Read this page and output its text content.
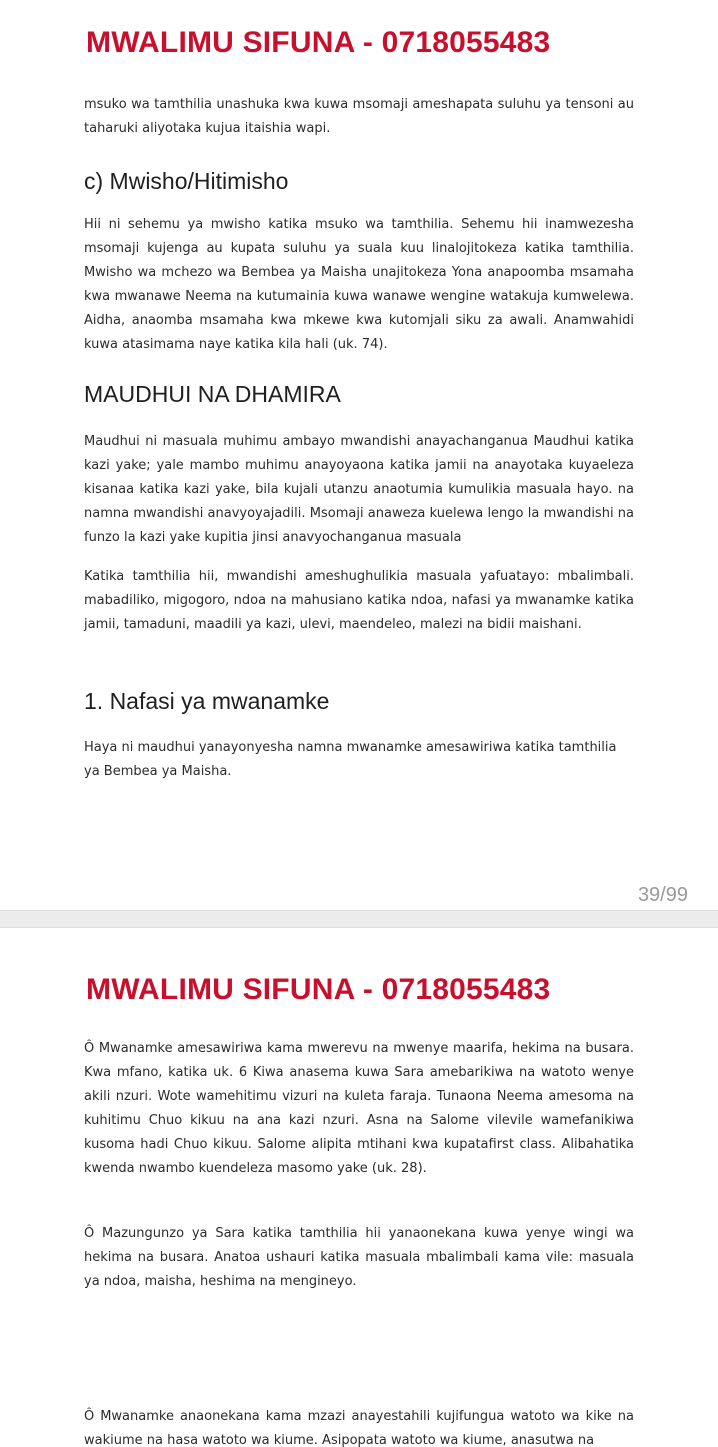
MWALIMU SIFUNA - 0718055483
msuko wa tamthilia unashuka kwa kuwa msomaji ameshapata suluhu ya tensoni au taharuki aliyotaka kujua itaishia wapi.
c) Mwisho/Hitimisho
Hii ni sehemu ya mwisho katika msuko wa tamthilia. Sehemu hii inamwezesha msomaji kujenga au kupata suluhu ya suala kuu linalojitokeza katika tamthilia. Mwisho wa mchezo wa Bembea ya Maisha unajitokeza Yona anapoomba msamaha kwa mwanawe Neema na kutumainia kuwa wanawe wengine watakuja kumwelewa. Aidha, anaomba msamaha kwa mkewe kwa kutomjali siku za awali. Anamwahidi kuwa atasimama naye katika kila hali (uk. 74).
MAUDHUI NA DHAMIRA
Maudhui ni masuala muhimu ambayo mwandishi anayachanganua Maudhui katika kazi yake; yale mambo muhimu anayoyaona katika jamii na anayotaka kuyaeleza kisanaa katika kazi yake, bila kujali utanzu anaotumia kumulikia masuala hayo. na namna mwandishi anavyoyajadili. Msomaji anaweza kuelewa lengo la mwandishi na funzo la kazi yake kupitia jinsi anavyochanganua masuala
Katika tamthilia hii, mwandishi ameshughulikia masuala yafuatayo: mbalimbali. mabadiliko, migogoro, ndoa na mahusiano katika ndoa, nafasi ya mwanamke katika jamii, tamaduni, maadili ya kazi, ulevi, maendeleo, malezi na bidii maishani.
1. Nafasi ya mwanamke
Haya ni maudhui yanayonyesha namna mwanamke amesawiriwa katika tamthilia ya Bembea ya Maisha.
39/99
MWALIMU SIFUNA - 0718055483
Ô Mwanamke amesawiriwa kama mwerevu na mwenye maarifa, hekima na busara. Kwa mfano, katika uk. 6 Kiwa anasema kuwa Sara amebarikiwa na watoto wenye akili nzuri. Wote wamehitimu vizuri na kuleta faraja. Tunaona Neema amesoma na kuhitimu Chuo kikuu na ana kazi nzuri. Asna na Salome vilevile wamefanikiwa kusoma hadi Chuo kikuu. Salome alipita mtihani kwa kupatafirst class. Alibahatika kwenda nwambo kuendeleza masomo yake (uk. 28).
Ô Mazungunzo ya Sara katika tamthilia hii yanaonekana kuwa yenye wingi wa hekima na busara. Anatoa ushauri katika masuala mbalimbali kama vile: masuala ya ndoa, maisha, heshima na mengineyo.
Ô Mwanamke anaonekana kama mzazi anayestahili kujifungua watoto wa kike na wakiume na hasa watoto wa kiume. Asipopata watoto wa kiume, anasutwa na
